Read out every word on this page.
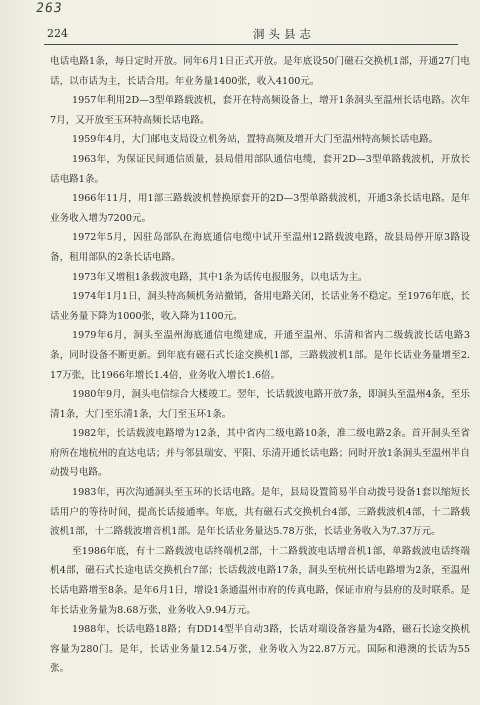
263
224	洞头县志

电话电路1条，每日定时开放。同年6月1日正式开放。是年底设50门磁石交换机1部，开通27门电话，以市话为主，长话合用。年业务量1400张，收入4100元。

1957年利用2D—3型单路载波机，套开在特高频设备上，增开1条洞头至温州长话电路。次年7月，又开放至玉环特高频长话电路。

1959年4月，大门邮电支局设立机务站，置特高频及增开大门至温州特高频长话电路。

1963年，为保证民间通信质量，县局借用部队通信电缆，套开2D—3型单路载波机，开放长话电路1条。

1966年11月，用1部三路载波机替换原套开的2D—3型单路载波机，开通3条长话电路。是年业务收入增为7200元。

1972年5月，因驻岛部队在海底通信电缆中试开至温州12路载波电路，故县局停开原3路设备，租用部队的2条长话电路。

1973年又增租1条载波电路，其中1条为话传电报服务，以电话为主。

1974年1月1日，洞头特高频机务站撤销，备用电路关闭，长话业务不稳定。至1976年底，长话业务量下降为1000张，收入降为1100元。

1979年6月，洞头至温州海底通信电缆建成，开通至温州、乐清和省内二级载波长话电路3条，同时设备不断更新。到年底有磁石式长途交换机1部，三路载波机1部。是年长话业务量增至2.17万张，比1966年增长1.4倍，业务收入增长1.6倍。

1980年9月，洞头电信综合大楼竣工。翌年，长话载波电路开放7条，即洞头至温州4条，至乐清1条，大门至乐清1条，大门至玉环1条。

1982年，长话载波电路增为12条，其中省内二级电路10条，准二级电路2条。首开洞头至省府所在地杭州的直达电话；并与邻县瑞安、平阳、乐清开通长话电路；同时开放1条洞头至温州半自动拨号电路。

1983年，再次沟通洞头至玉环的长话电路。是年，县局设置简易半自动拨号设备1套以缩短长话用户的等待时间，提高长话接通率。年底，共有磁石式交换机台4部，三路载波机4部，十二路载波机1部，十二路载波增音机1部。是年长话业务量达5.78万张，长话业务收入为7.37万元。

至1986年底，有十二路载波电话终端机2部，十二路载波电话增音机1部，单路载波电话终端机4部，磁石式长途电话交换机台7部；长话载波电路17条，洞头至杭州长话电路增为2条，至温州长话电路增至8条。是年6月1日，增设1条通温州市府的传真电路，保证市府与县府的及时联系。是年长话业务量为8.68万张，业务收入9.94万元。

1988年，长话电路18路；有DD14型半自动3路，长话对端设备容量为4路，磁石长途交换机容量为280门。是年，长话业务量12.54万张，业务收入为22.87万元。国际和港澳的长话为55张。
